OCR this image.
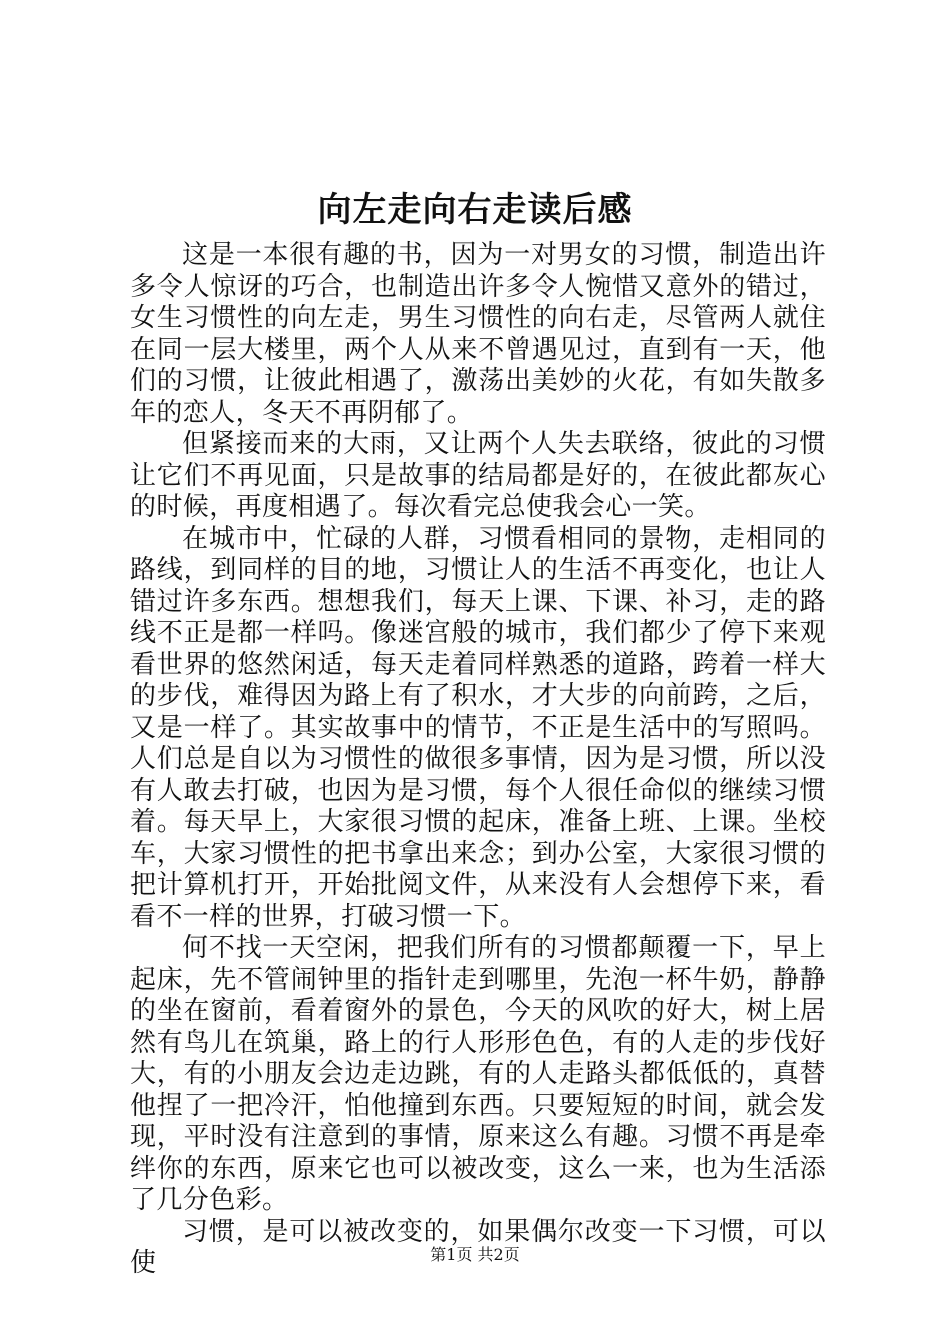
向左走向右走读后感

这是一本很有趣的书，因为一对男女的习惯，制造出许多令人惊讶的巧合，也制造出许多令人惋惜又意外的错过，女生习惯性的向左走，男生习惯性的向右走，尽管两人就住在同一层大楼里，两个人从来不曾遇见过，直到有一天，他们的习惯，让彼此相遇了，激荡出美妙的火花，有如失散多年的恋人，冬天不再阴郁了。

但紧接而来的大雨，又让两个人失去联络，彼此的习惯让它们不再见面，只是故事的结局都是好的，在彼此都灰心的时候，再度相遇了。每次看完总使我会心一笑。

在城市中，忙碌的人群，习惯看相同的景物，走相同的路线，到同样的目的地，习惯让人的生活不再变化，也让人错过许多东西。想想我们，每天上课、下课、补习，走的路线不正是都一样吗。像迷宫般的城市，我们都少了停下来观看世界的悠然闲适，每天走着同样熟悉的道路，跨着一样大的步伐，难得因为路上有了积水，才大步的向前跨，之后，又是一样了。其实故事中的情节，不正是生活中的写照吗。人们总是自以为习惯性的做很多事情，因为是习惯，所以没有人敢去打破，也因为是习惯，每个人很任命似的继续习惯着。每天早上，大家很习惯的起床，准备上班、上课。坐校车，大家习惯性的把书拿出来念；到办公室，大家很习惯的把计算机打开，开始批阅文件，从来没有人会想停下来，看看不一样的世界，打破习惯一下。

何不找一天空闲，把我们所有的习惯都颠覆一下，早上起床，先不管闹钟里的指针走到哪里，先泡一杯牛奶，静静的坐在窗前，看着窗外的景色，今天的风吹的好大，树上居然有鸟儿在筑巢，路上的行人形形色色，有的人走的步伐好大，有的小朋友会边走边跳，有的人走路头都低低的，真替他捏了一把冷汗，怕他撞到东西。只要短短的时间，就会发现，平时没有注意到的事情，原来这么有趣。习惯不再是牵绊你的东西，原来它也可以被改变，这么一来，也为生活添了几分色彩。

习惯，是可以被改变的，如果偶尔改变一下习惯，可以使	第1页 共2页
